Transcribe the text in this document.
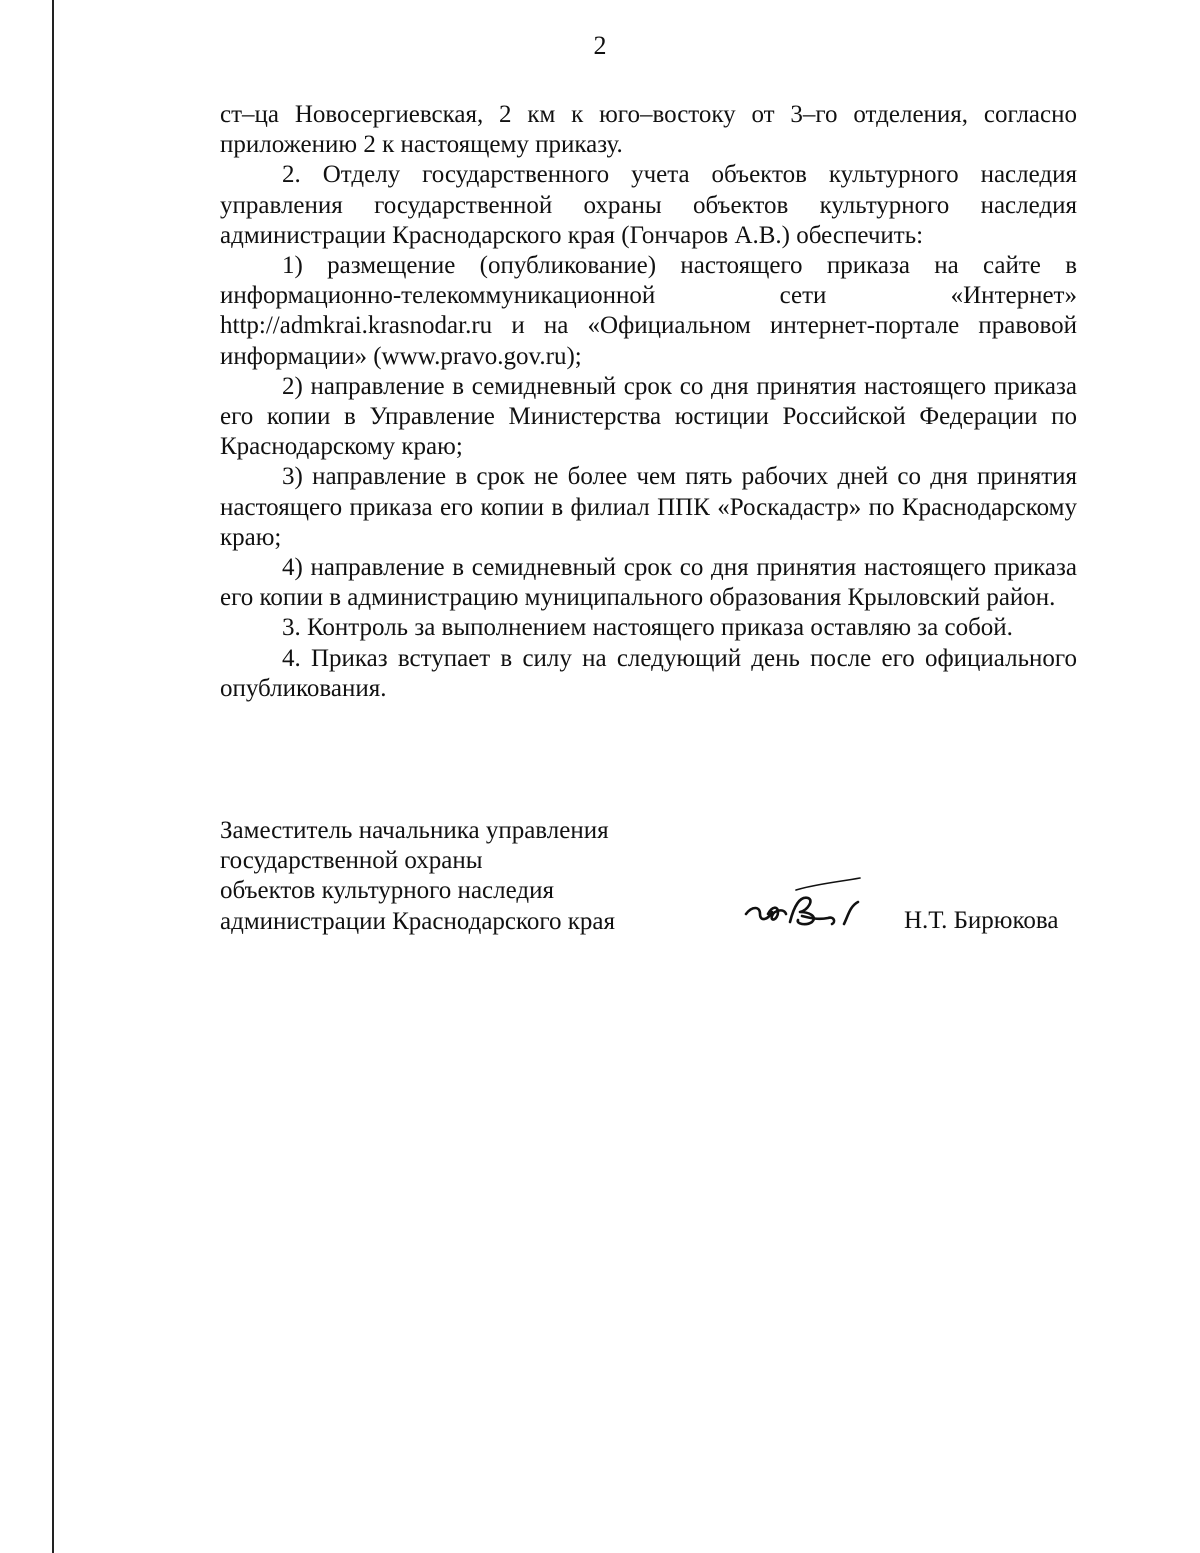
2

ст–ца Новосергиевская, 2 км к юго–востоку от 3–го отделения, согласно приложению 2 к настоящему приказу.

2. Отделу государственного учета объектов культурного наследия управления государственной охраны объектов культурного наследия администрации Краснодарского края (Гончаров А.В.) обеспечить:

1) размещение (опубликование) настоящего приказа на сайте в информационно-телекоммуникационной сети «Интернет» http://admkrai.krasnodar.ru и на «Официальном интернет-портале правовой информации» (www.pravo.gov.ru);

2) направление в семидневный срок со дня принятия настоящего приказа его копии в Управление Министерства юстиции Российской Федерации по Краснодарскому краю;

3) направление в срок не более чем пять рабочих дней со дня принятия настоящего приказа его копии в филиал ППК «Роскадастр» по Краснодарскому краю;

4) направление в семидневный срок со дня принятия настоящего приказа его копии в администрацию муниципального образования Крыловский район.

3. Контроль за выполнением настоящего приказа оставляю за собой.

4. Приказ вступает в силу на следующий день после его официального опубликования.

Заместитель начальника управления
государственной охраны
объектов культурного наследия
администрации Краснодарского края	Н.Т. Бирюкова
